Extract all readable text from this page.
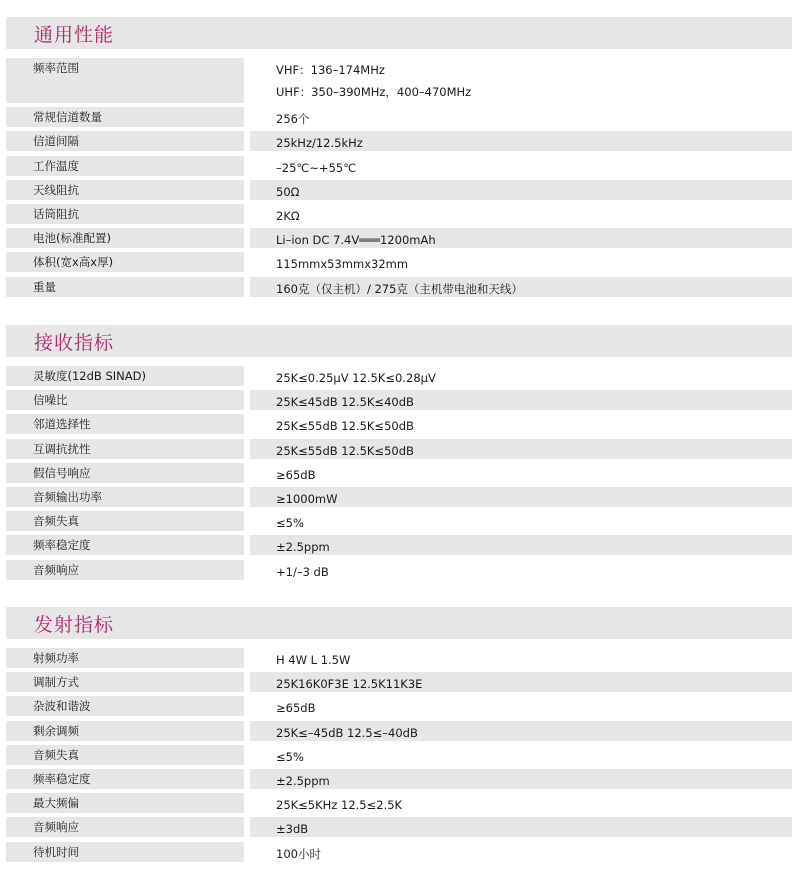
通用性能
频率范围	VHF：136–174MHz
UHF：350–390MHz，400–470MHz
常规信道数量	256个
信道间隔	25kHz/12.5kHz
工作温度	–25℃~+55℃
天线阻抗	50Ω
话筒阻抗	2KΩ
电池(标准配置)	Li–ion DC 7.4V═══1200mAh
体积(宽x高x厚)	115mmx53mmx32mm
重量	160克（仅主机）/ 275克（主机带电池和天线）
接收指标
灵敏度(12dB SINAD)	25K≤0.25μV 12.5K≤0.28μV
信噪比	25K≤45dB 12.5K≤40dB
邻道选择性	25K≤55dB 12.5K≤50dB
互调抗扰性	25K≤55dB 12.5K≤50dB
假信号响应	≥65dB
音频输出功率	≥1000mW
音频失真	≤5%
频率稳定度	±2.5ppm
音频响应	+1/–3 dB
发射指标
射频功率	H 4W L 1.5W
调制方式	25K16K0F3E 12.5K11K3E
杂波和谐波	≥65dB
剩余调频	25K≤–45dB 12.5≤–40dB
音频失真	≤5%
频率稳定度	±2.5ppm
最大频偏	25K≤5KHz 12.5≤2.5K
音频响应	±3dB
待机时间	100小时
